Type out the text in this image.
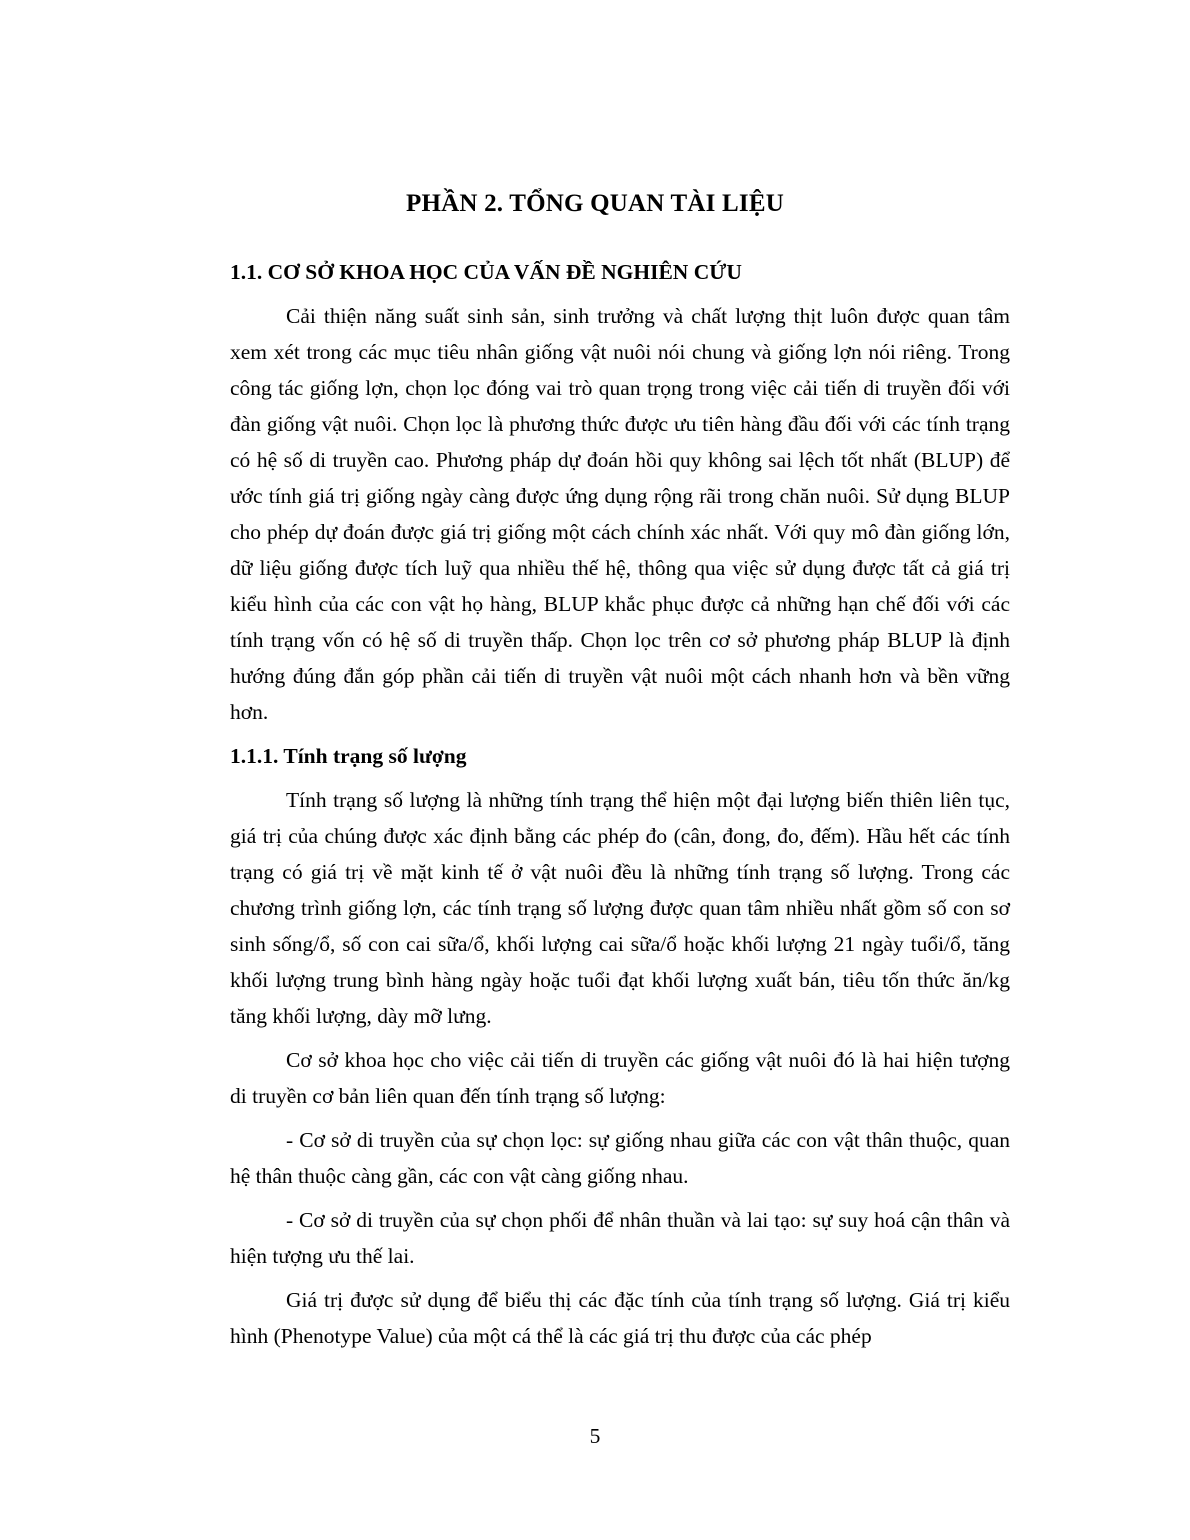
PHẦN 2. TỔNG QUAN TÀI LIỆU
1.1. CƠ SỞ KHOA HỌC CỦA VẤN ĐỀ NGHIÊN CỨU

Cải thiện năng suất sinh sản, sinh trưởng và chất lượng thịt luôn được quan tâm xem xét trong các mục tiêu nhân giống vật nuôi nói chung và giống lợn nói riêng. Trong công tác giống lợn, chọn lọc đóng vai trò quan trọng trong việc cải tiến di truyền đối với đàn giống vật nuôi. Chọn lọc là phương thức được ưu tiên hàng đầu đối với các tính trạng có hệ số di truyền cao. Phương pháp dự đoán hồi quy không sai lệch tốt nhất (BLUP) để ước tính giá trị giống ngày càng được ứng dụng rộng rãi trong chăn nuôi. Sử dụng BLUP cho phép dự đoán được giá trị giống một cách chính xác nhất. Với quy mô đàn giống lớn, dữ liệu giống được tích luỹ qua nhiều thế hệ, thông qua việc sử dụng được tất cả giá trị kiểu hình của các con vật họ hàng, BLUP khắc phục được cả những hạn chế đối với các tính trạng vốn có hệ số di truyền thấp. Chọn lọc trên cơ sở phương pháp BLUP là định hướng đúng đắn góp phần cải tiến di truyền vật nuôi một cách nhanh hơn và bền vững hơn.

1.1.1. Tính trạng số lượng

Tính trạng số lượng là những tính trạng thể hiện một đại lượng biến thiên liên tục, giá trị của chúng được xác định bằng các phép đo (cân, đong, đo, đếm). Hầu hết các tính trạng có giá trị về mặt kinh tế ở vật nuôi đều là những tính trạng số lượng. Trong các chương trình giống lợn, các tính trạng số lượng được quan tâm nhiều nhất gồm số con sơ sinh sống/ổ, số con cai sữa/ổ, khối lượng cai sữa/ổ hoặc khối lượng 21 ngày tuổi/ổ, tăng khối lượng trung bình hàng ngày hoặc tuổi đạt khối lượng xuất bán, tiêu tốn thức ăn/kg tăng khối lượng, dày mỡ lưng.

Cơ sở khoa học cho việc cải tiến di truyền các giống vật nuôi đó là hai hiện tượng di truyền cơ bản liên quan đến tính trạng số lượng:

- Cơ sở di truyền của sự chọn lọc: sự giống nhau giữa các con vật thân thuộc, quan hệ thân thuộc càng gần, các con vật càng giống nhau.

- Cơ sở di truyền của sự chọn phối để nhân thuần và lai tạo: sự suy hoá cận thân và hiện tượng ưu thế lai.

Giá trị được sử dụng để biểu thị các đặc tính của tính trạng số lượng. Giá trị kiểu hình (Phenotype Value) của một cá thể là các giá trị thu được của các phép

5
